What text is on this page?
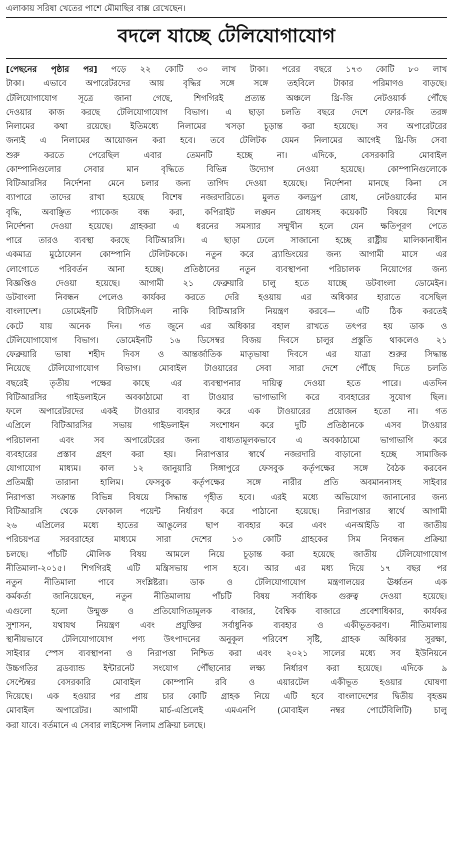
এলাকায় সরিষা খেতের পাশে মৌমাছির বাক্স রেখেছেন।
বদলে যাচ্ছে টেলিযোগাযোগ
[পেছনের পৃষ্ঠার পর] পড়ে ২২ কোটি ৩০ লাখ টাকা। পরের বছরে ১৭৩ কোটি ৮০ লাখ
টাকা। এভাবে অপারেটরদের আয় বৃদ্ধির সঙ্গে সঙ্গে তহবিলে টাকার পরিমাণও বাড়ছে।
টেলিযোগাযোগ সূত্রে জানা গেছে, শিগগিরই প্রত্যন্ত অঞ্চলে থ্রি-জি নেটওয়ার্ক পৌঁছে
দেওয়ার কাজ করছে টেলিযোগাযোগ বিভাগ। এ ছাড়া চলতি বছরে দেশে ফোর-জি তরঙ্গ
নিলামের কথা রয়েছে। ইতিমধ্যে নিলামের খসড়া চূড়ান্ত করা হয়েছে। সব অপারেটরের
জন্যই এ নিলামের আয়োজন করা হবে। তবে টেলিটক যেমন নিলামের আগেই থ্রি-জি সেবা
শুরু করতে পেরেছিল এবার তেমনটি হচ্ছে না। এদিকে, বেসরকারি মোবাইল
কোম্পানিগুলোর সেবার মান বৃদ্ধিতে বিভিন্ন উদ্যোগ নেওয়া হয়েছে। কোম্পানিগুলোকে
বিটিআরসির নির্দেশনা মেনে চলার জন্য তাগিদ দেওয়া হয়েছে। নির্দেশনা মানছে কিনা সে
ব্যাপারে তাদের রাখা হয়েছে বিশেষ নজরদারিতে। মুলত কলড্রপ রোধ, নেটওয়ার্কের মান
বৃদ্ধি, অবাঞ্ছিত প্যাকেজ বন্ধ করা, কপিরাইট লঙ্ঘন রোধসহ কয়েকটি বিষয়ে বিশেষ
নির্দেশনা দেওয়া হয়েছে। গ্রাহকরা এ ধরনের সমস্যার সম্মুখীন হলে যেন ক্ষতিপূরণ পেতে
পারে তারও ব্যবস্থা করছে বিটিআরসি। এ ছাড়া ঢেলে সাজানো হচ্ছে রাষ্ট্রীয় মালিকানাধীন
একমাত্র মুঠোফোন কোম্পানি টেলিটককে। নতুন করে ব্র্যান্ডিংয়ের জন্য আগামী মাসে এর
লোগোতে পরিবর্তন আনা হচ্ছে। প্রতিষ্ঠানের নতুন ব্যবস্থাপনা পরিচালক নিয়োগের জন্য
বিজ্ঞপ্তিও দেওয়া হয়েছে। আগামী ২১ ফেব্রুয়ারি চালু হতে যাচ্ছে ডটবাংলা ডোমেইন।
ডটবাংলা নিবন্ধন পেলেও কার্যকর করতে দেরি হওয়ায় এর অধিকার হারাতে বসেছিল
বাংলাদেশ। ডোমেইনটি বিটিসিএল নাকি বিটিআরসি নিয়ন্ত্রণ করবে— এটি ঠিক করতেই
কেটে যায় অনেক দিন। গত জুনে এর অধিকার বহাল রাখতে তৎপর হয় ডাক ও
টেলিযোগাযোগ বিভাগ। ডোমেইনটি ১৬ ডিসেম্বর বিজয় দিবসে চালুর প্রস্তুতি থাকলেও ২১
ফেব্রুয়ারি ভাষা শহীদ দিবস ও আন্তর্জাতিক মাতৃভাষা দিবসে এর যাত্রা শুরুর সিদ্ধান্ত
নিয়েছে টেলিযোগাযোগ বিভাগ। মোবাইল টাওয়ারের সেবা সারা দেশে পৌঁছে দিতে চলতি
বছরেই তৃতীয় পক্ষের কাছে এর ব্যবস্থাপনার দায়িত্ব দেওয়া হতে পারে। এতদিন
বিটিআরসির গাইডলাইনে অবকাঠামো বা টাওয়ার ভাগাভাগি করে ব্যবহারের সুযোগ ছিল।
ফলে অপারেটরদের একই টাওয়ার ব্যবহার করে এক টাওয়ারের প্রয়োজন হতো না। গত
এপ্রিলে বিটিআরসির সভায় গাইডলাইন সংশোধন করে দুটি প্রতিষ্ঠানকে এসব টাওয়ার
পরিচালনা এবং সব অপারেটরের জন্য বাধ্যতামূলকভাবে এ অবকাঠামো ভাগাভাগি করে
ব্যবহারের প্রস্তাব গ্রহণ করা হয়। নিরাপত্তার স্বার্থে নজরদারি বাড়ানো হচ্ছে সামাজিক
যোগাযোগ মাধ্যম। কাল ১২ জানুয়ারি সিঙ্গাপুরে ফেসবুক কর্তৃপক্ষের সঙ্গে বৈঠক করবেন
প্রতিমন্ত্রী তারানা হালিম। ফেসবুক কর্তৃপক্ষের সঙ্গে নারীর প্রতি অবমাননাসহ সাইবার
নিরাপত্তা সংক্রান্ত বিভিন্ন বিষয়ে সিদ্ধান্ত গৃহীত হবে। এরই মধ্যে অভিযোগ জানানোর জন্য
বিটিআরসি থেকে ফোকাল পয়েন্ট নির্ধারণ করে পাঠানো হয়েছে। নিরাপত্তার স্বার্থে আগামী
২৬ এপ্রিলের মধ্যে হাতের আঙুলের ছাপ ব্যবহার করে এবং এনআইডি বা জাতীয়
পরিচয়পত্র সরবরাহের মাধ্যমে সারা দেশের ১৩ কোটি গ্রাহকের সিম নিবন্ধন প্রক্রিয়া
চলছে। পাঁচটি মৌলিক বিষয় আমলে নিয়ে চূড়ান্ত করা হয়েছে জাতীয় টেলিযোগাযোগ
নীতিমালা-২০১৫। শিগগিরই এটি মন্ত্রিসভায় পাস হবে। আর এর মধ্য দিয়ে ১৭ বছর পর
নতুন নীতিমালা পাবে সংশ্লিষ্টরা। ডাক ও টেলিযোগাযোগ মন্ত্রণালয়ের ঊর্ধ্বতন এক
কর্মকর্তা জানিয়েছেন, নতুন নীতিমালায় পাঁচটি বিষয় সর্বাধিক গুরুত্ব দেওয়া হয়েছে।
এগুলো হলো উন্মুক্ত ও প্রতিযোগিতামূলক বাজার, বৈশ্বিক বাজারে প্রবেশাধিকার, কার্যকর
সুশাসন, যথাযথ নিয়ন্ত্রণ এবং প্রযুক্তির সর্বাধুনিক ব্যবহার ও একীভূতকরণ। নীতিমালায়
স্থানীয়ভাবে টেলিযোগাযোগ পণ্য উৎপাদনের অনুকূল পরিবেশ সৃষ্টি, গ্রাহক অধিকার সুরক্ষা,
সাইবার স্পেস ব্যবস্থাপনা ও নিরাপত্তা নিশ্চিত করা এবং ২০২১ সালের মধ্যে সব ইউনিয়নে
উচ্চগতির ব্রডব্যান্ড ইন্টারনেট সংযোগ পৌঁছানোর লক্ষ্য নির্ধারণ করা হয়েছে। এদিকে ৯
সেপ্টেম্বর বেসরকারি মোবাইল কোম্পানি রবি ও এয়ারটেল একীভূত হওয়ার ঘোষণা
দিয়েছে। এক হওয়ার পর প্রায় চার কোটি গ্রাহক নিয়ে এটি হবে বাংলাদেশের দ্বিতীয় বৃহত্তম
মোবাইল অপারেটর। আগামী মার্চ-এপ্রিলেই এমএনপি (মোবাইল নম্বর পোর্টেবিলিটি) চালু
করা যাবে। বর্তমানে এ সেবার লাইসেন্স নিলাম প্রক্রিয়া চলছে।
